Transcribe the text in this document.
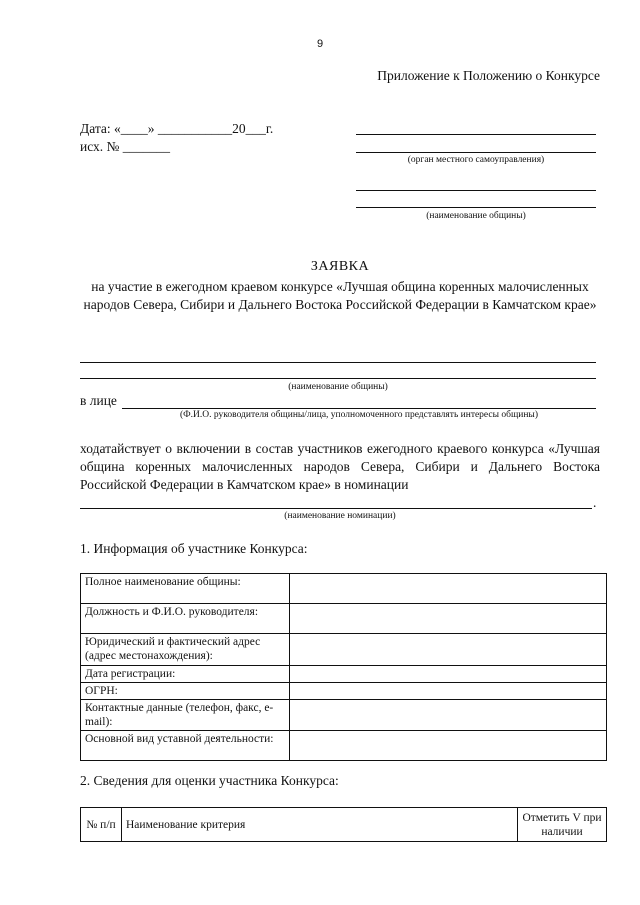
9
Приложение к Положению о Конкурсе
Дата: «____» ___________20___г.
исх. № _______
(орган местного самоуправления)
(наименование общины)
ЗАЯВКА
на участие в ежегодном краевом конкурсе «Лучшая община коренных малочисленных народов Севера, Сибири и Дальнего Востока Российской Федерации в Камчатском крае»
(наименование общины)
в лице
(Ф.И.О. руководителя общины/лица, уполномоченного представлять интересы общины)
ходатайствует о включении в состав участников ежегодного краевого конкурса «Лучшая община коренных малочисленных народов Севера, Сибири и Дальнего Востока Российской Федерации в Камчатском крае» в номинации
.
(наименование номинации)
1. Информация об участнике Конкурса:
Полное наименование общины:	
Должность и Ф.И.О. руководителя:	
Юридический и фактический адрес (адрес местонахождения):	
Дата регистрации:	
ОГРН:	
Контактные данные (телефон, факс, e-mail):	
Основной вид уставной деятельности:	
2. Сведения для оценки участника Конкурса:
№ п/п	Наименование критерия	Отметить V при наличии
